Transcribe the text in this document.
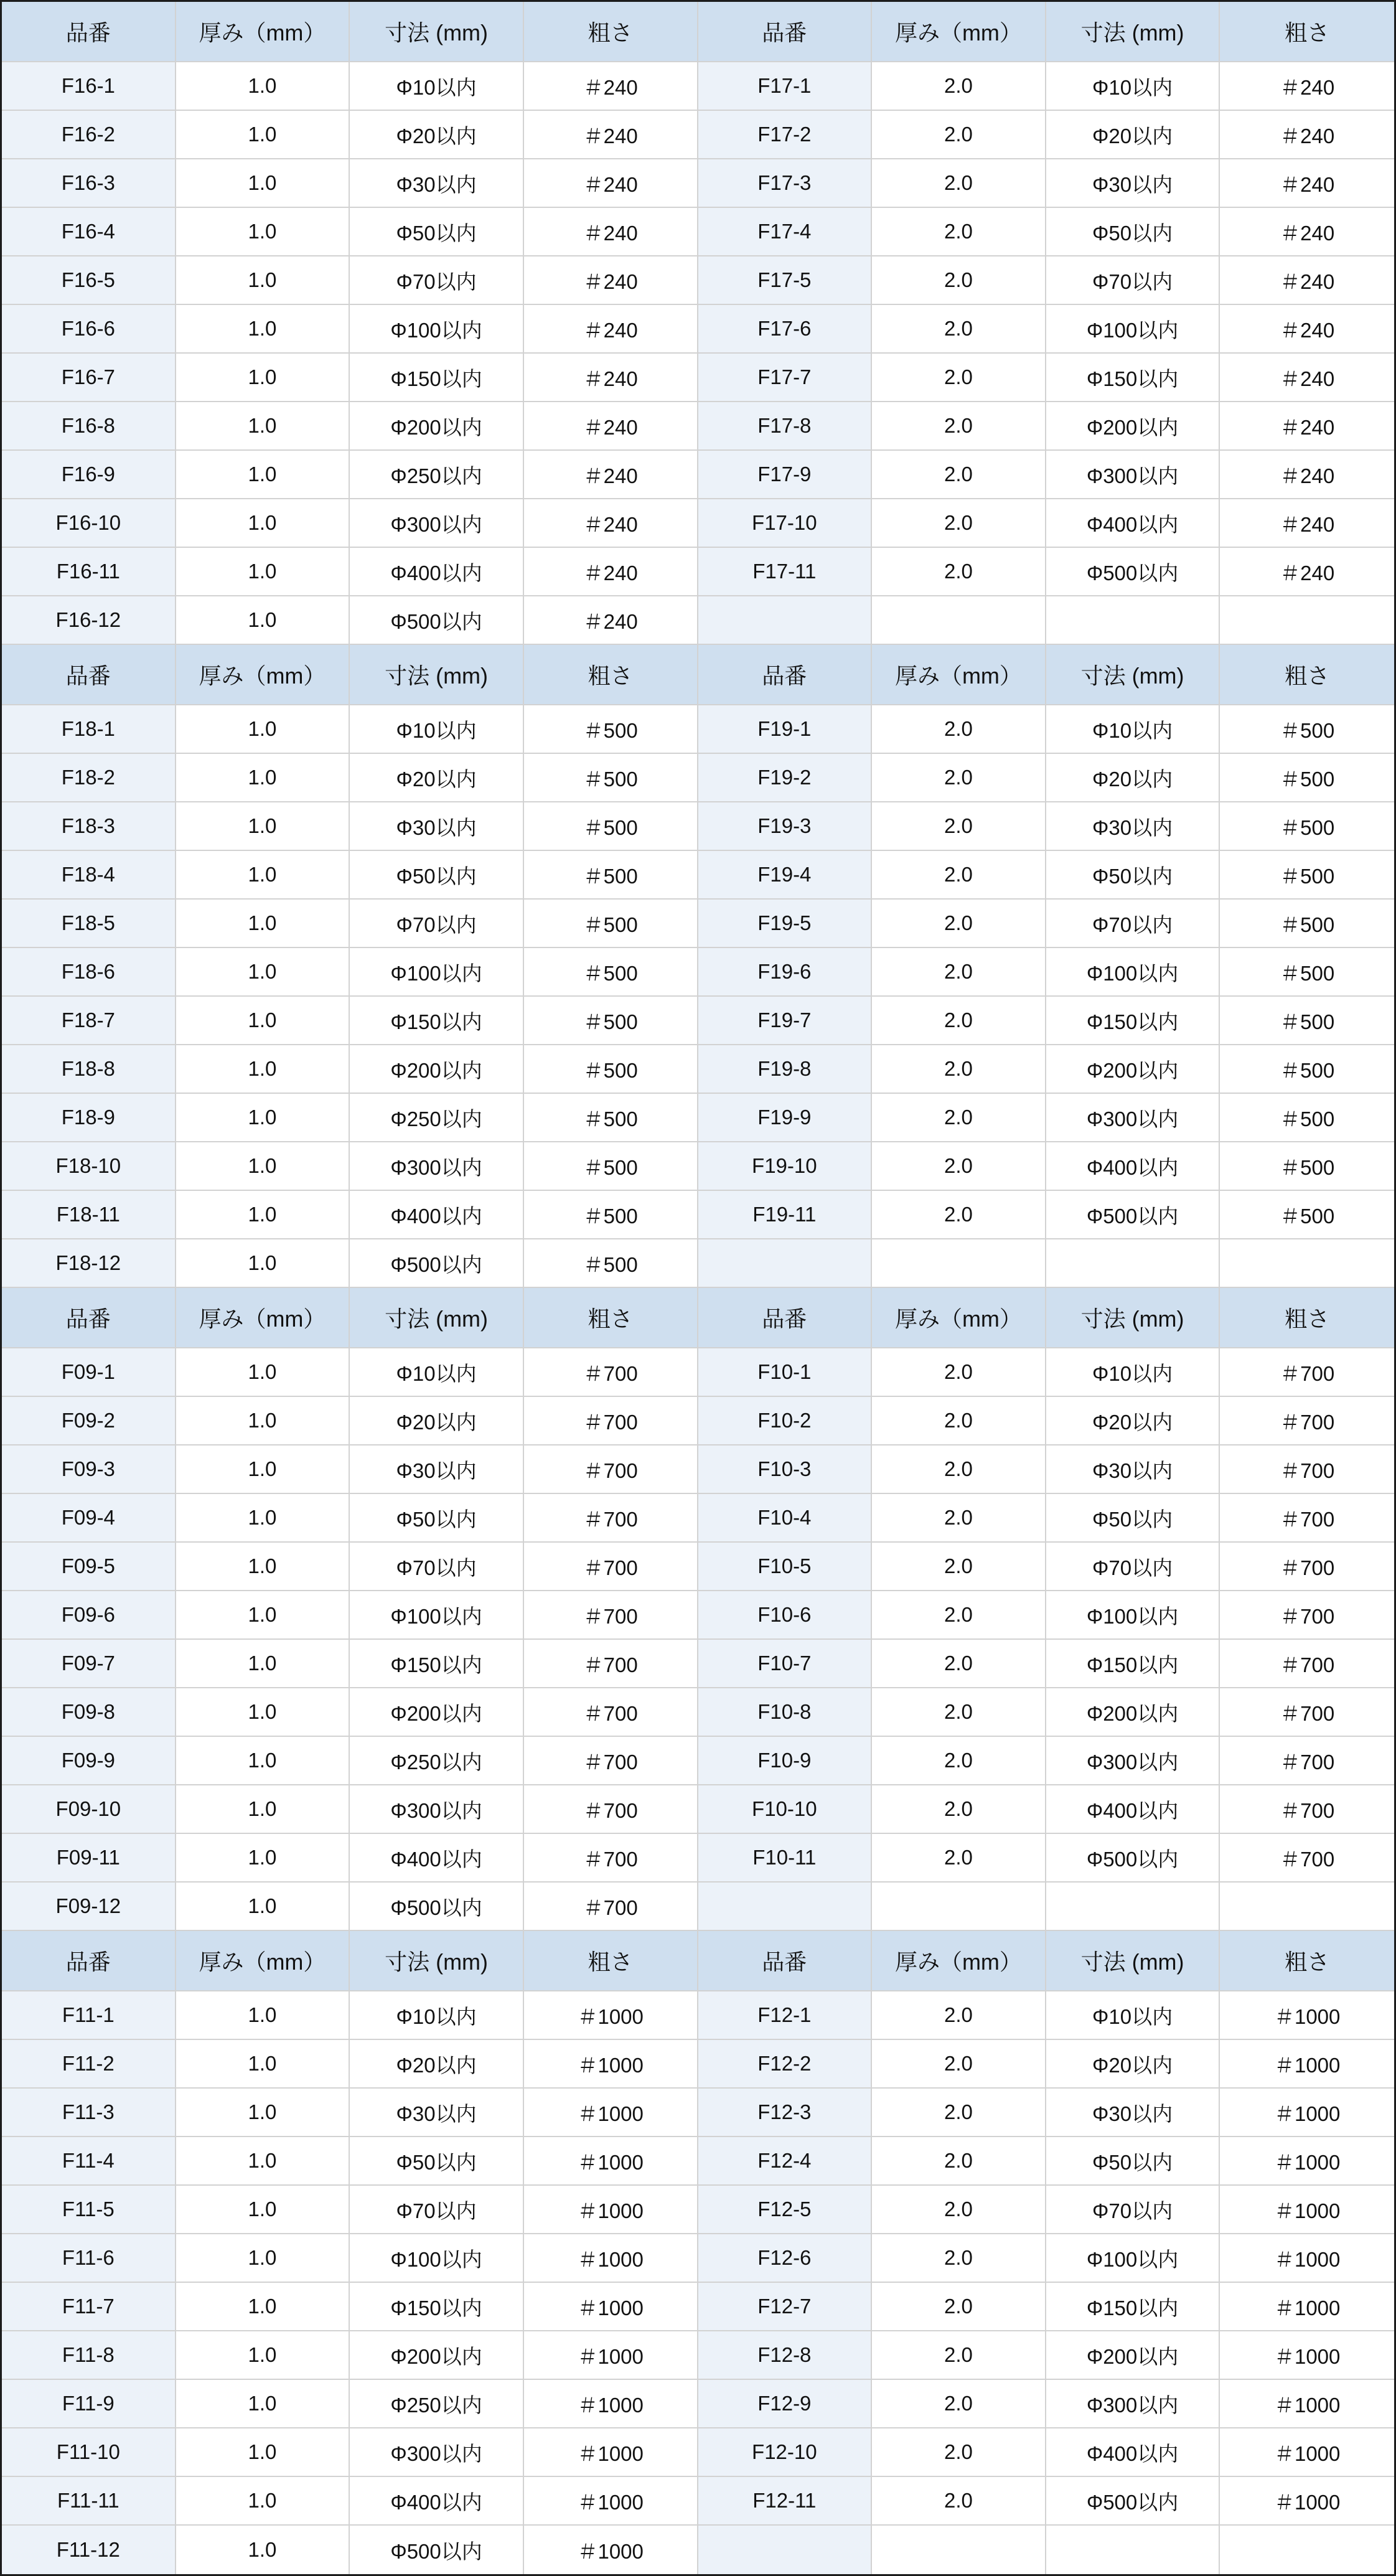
品番	厚み（mm）	寸法 (mm)	粗さ	品番	厚み（mm）	寸法 (mm)	粗さ
F16-1	1.0	Φ10以内	＃240	F17-1	2.0	Φ10以内	＃240
F16-2	1.0	Φ20以内	＃240	F17-2	2.0	Φ20以内	＃240
F16-3	1.0	Φ30以内	＃240	F17-3	2.0	Φ30以内	＃240
F16-4	1.0	Φ50以内	＃240	F17-4	2.0	Φ50以内	＃240
F16-5	1.0	Φ70以内	＃240	F17-5	2.0	Φ70以内	＃240
F16-6	1.0	Φ100以内	＃240	F17-6	2.0	Φ100以内	＃240
F16-7	1.0	Φ150以内	＃240	F17-7	2.0	Φ150以内	＃240
F16-8	1.0	Φ200以内	＃240	F17-8	2.0	Φ200以内	＃240
F16-9	1.0	Φ250以内	＃240	F17-9	2.0	Φ300以内	＃240
F16-10	1.0	Φ300以内	＃240	F17-10	2.0	Φ400以内	＃240
F16-11	1.0	Φ400以内	＃240	F17-11	2.0	Φ500以内	＃240
F16-12	1.0	Φ500以内	＃240
品番	厚み（mm）	寸法 (mm)	粗さ	品番	厚み（mm）	寸法 (mm)	粗さ
F18-1	1.0	Φ10以内	＃500	F19-1	2.0	Φ10以内	＃500
F18-2	1.0	Φ20以内	＃500	F19-2	2.0	Φ20以内	＃500
F18-3	1.0	Φ30以内	＃500	F19-3	2.0	Φ30以内	＃500
F18-4	1.0	Φ50以内	＃500	F19-4	2.0	Φ50以内	＃500
F18-5	1.0	Φ70以内	＃500	F19-5	2.0	Φ70以内	＃500
F18-6	1.0	Φ100以内	＃500	F19-6	2.0	Φ100以内	＃500
F18-7	1.0	Φ150以内	＃500	F19-7	2.0	Φ150以内	＃500
F18-8	1.0	Φ200以内	＃500	F19-8	2.0	Φ200以内	＃500
F18-9	1.0	Φ250以内	＃500	F19-9	2.0	Φ300以内	＃500
F18-10	1.0	Φ300以内	＃500	F19-10	2.0	Φ400以内	＃500
F18-11	1.0	Φ400以内	＃500	F19-11	2.0	Φ500以内	＃500
F18-12	1.0	Φ500以内	＃500
品番	厚み（mm）	寸法 (mm)	粗さ	品番	厚み（mm）	寸法 (mm)	粗さ
F09-1	1.0	Φ10以内	＃700	F10-1	2.0	Φ10以内	＃700
F09-2	1.0	Φ20以内	＃700	F10-2	2.0	Φ20以内	＃700
F09-3	1.0	Φ30以内	＃700	F10-3	2.0	Φ30以内	＃700
F09-4	1.0	Φ50以内	＃700	F10-4	2.0	Φ50以内	＃700
F09-5	1.0	Φ70以内	＃700	F10-5	2.0	Φ70以内	＃700
F09-6	1.0	Φ100以内	＃700	F10-6	2.0	Φ100以内	＃700
F09-7	1.0	Φ150以内	＃700	F10-7	2.0	Φ150以内	＃700
F09-8	1.0	Φ200以内	＃700	F10-8	2.0	Φ200以内	＃700
F09-9	1.0	Φ250以内	＃700	F10-9	2.0	Φ300以内	＃700
F09-10	1.0	Φ300以内	＃700	F10-10	2.0	Φ400以内	＃700
F09-11	1.0	Φ400以内	＃700	F10-11	2.0	Φ500以内	＃700
F09-12	1.0	Φ500以内	＃700
品番	厚み（mm）	寸法 (mm)	粗さ	品番	厚み（mm）	寸法 (mm)	粗さ
F11-1	1.0	Φ10以内	＃1000	F12-1	2.0	Φ10以内	＃1000
F11-2	1.0	Φ20以内	＃1000	F12-2	2.0	Φ20以内	＃1000
F11-3	1.0	Φ30以内	＃1000	F12-3	2.0	Φ30以内	＃1000
F11-4	1.0	Φ50以内	＃1000	F12-4	2.0	Φ50以内	＃1000
F11-5	1.0	Φ70以内	＃1000	F12-5	2.0	Φ70以内	＃1000
F11-6	1.0	Φ100以内	＃1000	F12-6	2.0	Φ100以内	＃1000
F11-7	1.0	Φ150以内	＃1000	F12-7	2.0	Φ150以内	＃1000
F11-8	1.0	Φ200以内	＃1000	F12-8	2.0	Φ200以内	＃1000
F11-9	1.0	Φ250以内	＃1000	F12-9	2.0	Φ300以内	＃1000
F11-10	1.0	Φ300以内	＃1000	F12-10	2.0	Φ400以内	＃1000
F11-11	1.0	Φ400以内	＃1000	F12-11	2.0	Φ500以内	＃1000
F11-12	1.0	Φ500以内	＃1000
